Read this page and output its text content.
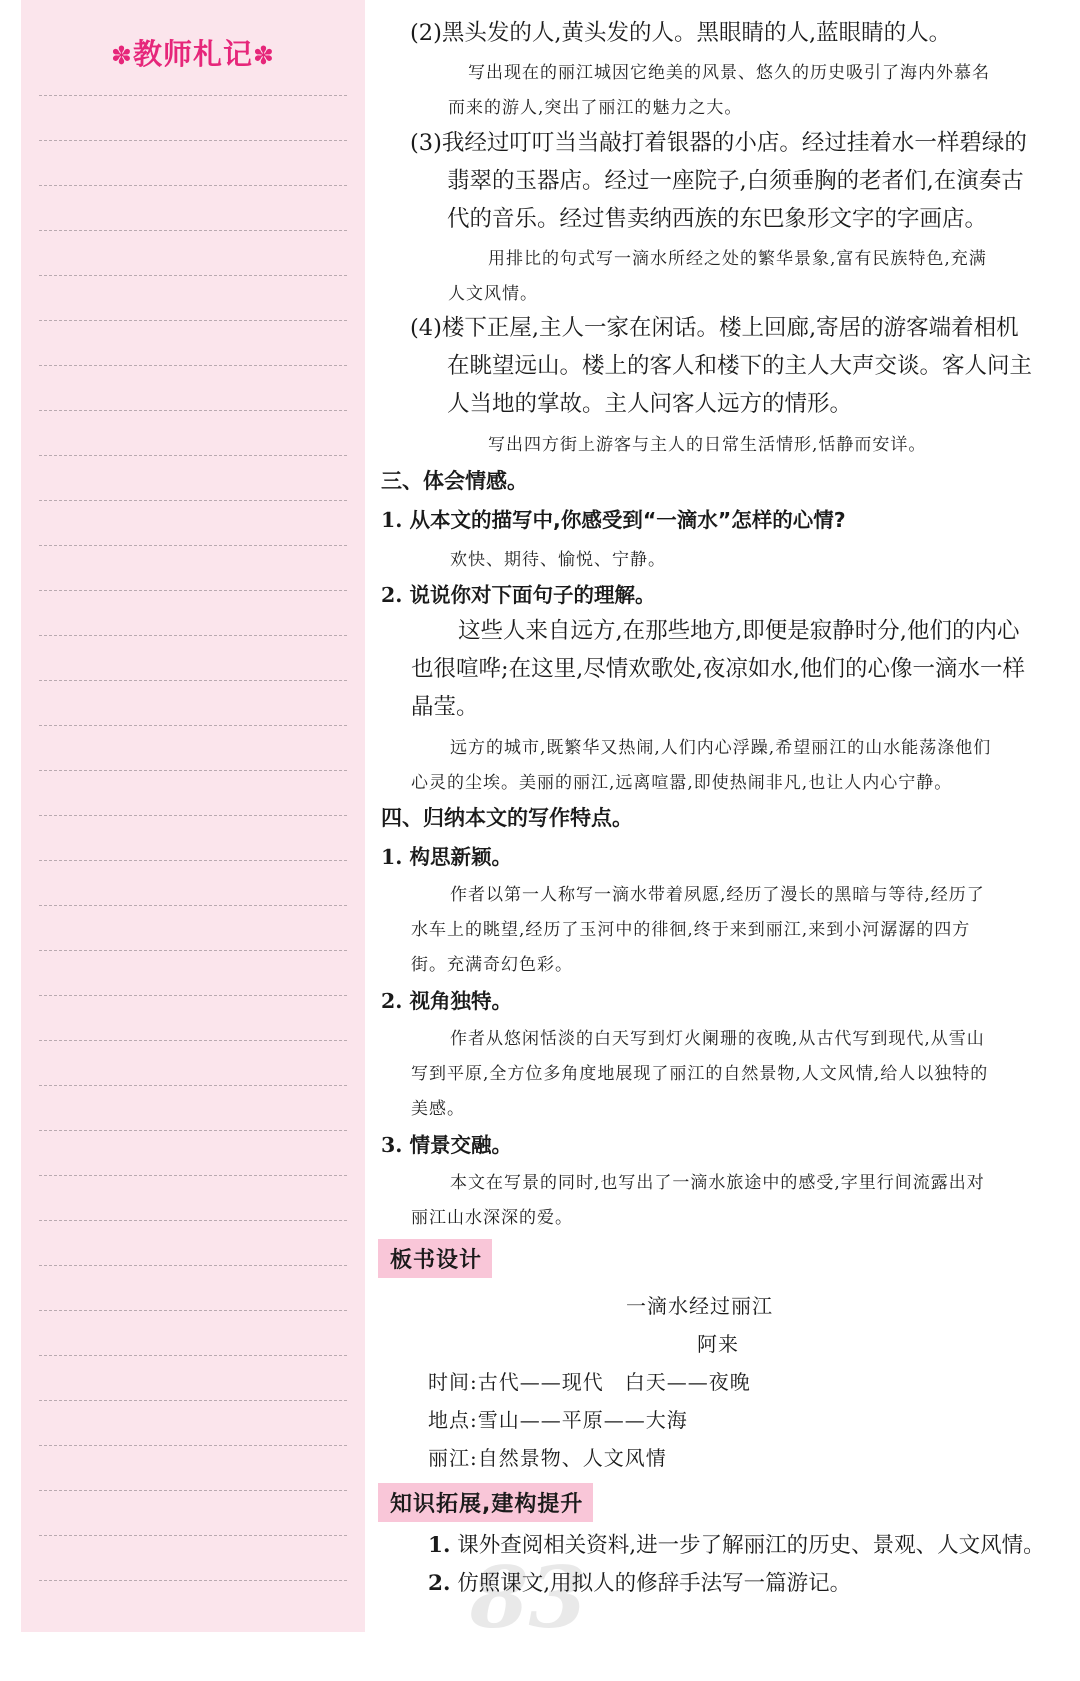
✽教师札记✽
83
(2)黑头发的人,黄头发的人。黑眼睛的人,蓝眼睛的人。
写出现在的丽江城因它绝美的风景、悠久的历史吸引了海内外慕名
而来的游人,突出了丽江的魅力之大。
(3)我经过叮叮当当敲打着银器的小店。经过挂着水一样碧绿的
翡翠的玉器店。经过一座院子,白须垂胸的老者们,在演奏古
代的音乐。经过售卖纳西族的东巴象形文字的字画店。
用排比的句式写一滴水所经之处的繁华景象,富有民族特色,充满
人文风情。
(4)楼下正屋,主人一家在闲话。楼上回廊,寄居的游客端着相机
在眺望远山。楼上的客人和楼下的主人大声交谈。客人问主
人当地的掌故。主人问客人远方的情形。
写出四方街上游客与主人的日常生活情形,恬静而安详。
三、体会情感。
1. 从本文的描写中,你感受到“一滴水”怎样的心情?
欢快、期待、愉悦、宁静。
2. 说说你对下面句子的理解。
这些人来自远方,在那些地方,即便是寂静时分,他们的内心
也很喧哗;在这里,尽情欢歌处,夜凉如水,他们的心像一滴水一样
晶莹。
远方的城市,既繁华又热闹,人们内心浮躁,希望丽江的山水能荡涤他们
心灵的尘埃。美丽的丽江,远离喧嚣,即使热闹非凡,也让人内心宁静。
四、归纳本文的写作特点。
1. 构思新颖。
作者以第一人称写一滴水带着夙愿,经历了漫长的黑暗与等待,经历了
水车上的眺望,经历了玉河中的徘徊,终于来到丽江,来到小河潺潺的四方
街。充满奇幻色彩。
2. 视角独特。
作者从悠闲恬淡的白天写到灯火阑珊的夜晚,从古代写到现代,从雪山
写到平原,全方位多角度地展现了丽江的自然景物,人文风情,给人以独特的
美感。
3. 情景交融。
本文在写景的同时,也写出了一滴水旅途中的感受,字里行间流露出对
丽江山水深深的爱。
板书设计
一滴水经过丽江
阿来
时间:古代——现代　白天——夜晚
地点:雪山——平原——大海
丽江:自然景物、人文风情
知识拓展,建构提升
1. 课外查阅相关资料,进一步了解丽江的历史、景观、人文风情。
2. 仿照课文,用拟人的修辞手法写一篇游记。
